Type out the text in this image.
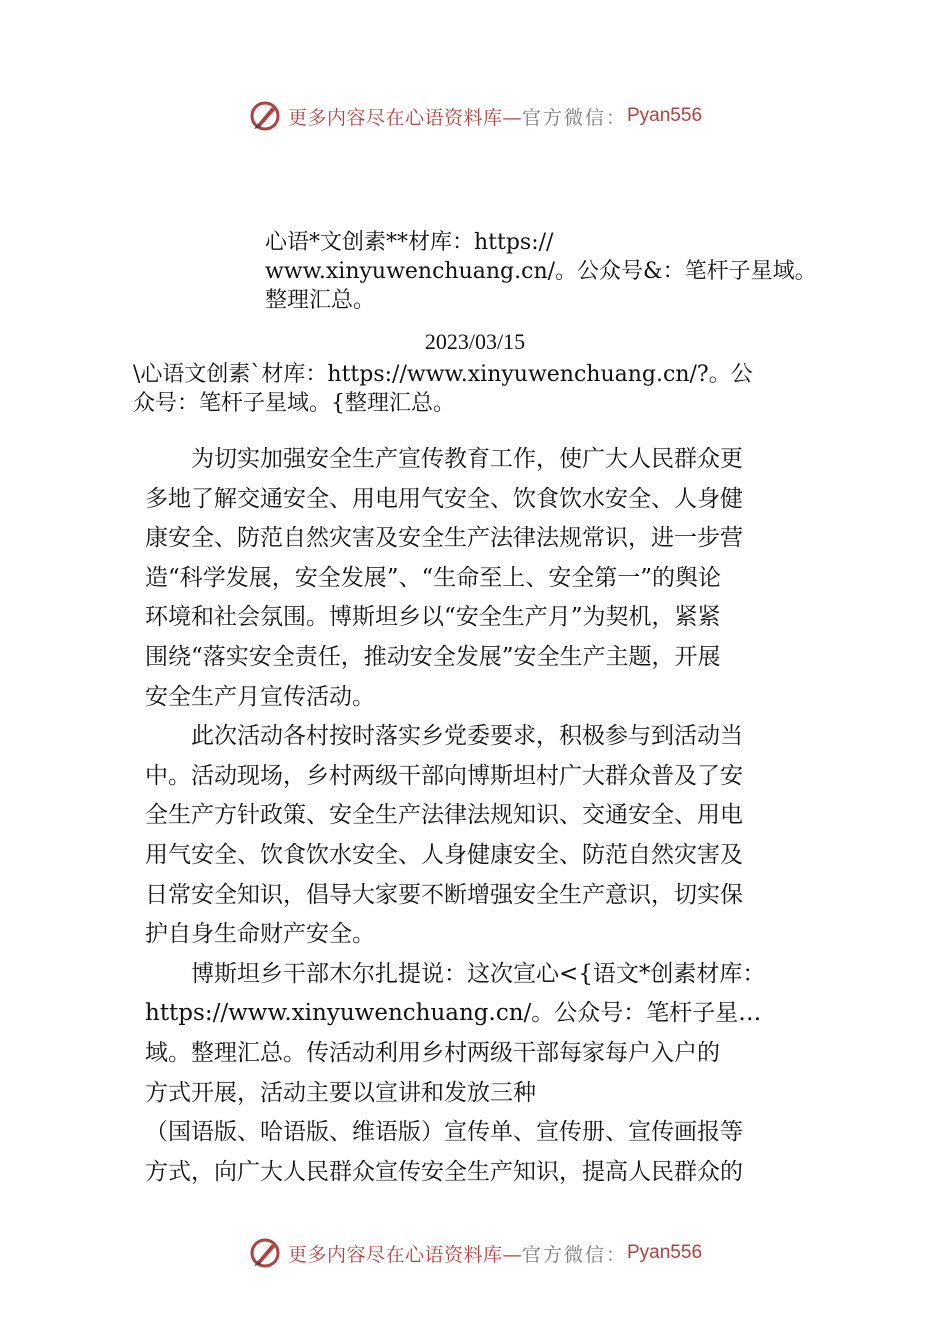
更多内容尽在心语资料库— 官方微信： Pyan556
心语*文创素**材库：https://
www.xinyuwenchuang.cn/。公众号&：笔杆子星域。
整理汇总。
2023/03/15
\心语文创素`材库：https://www.xinyuwenchuang.cn/?。公
众号：笔杆子星域。{整理汇总。
为切实加强安全生产宣传教育工作，使广大人民群众更
多地了解交通安全、用电用气安全、饮食饮水安全、人身健
康安全、防范自然灾害及安全生产法律法规常识，进一步营
造“科学发展，安全发展”、“生命至上、安全第一”的舆论
环境和社会氛围。博斯坦乡以“安全生产月”为契机，紧紧
围绕“落实安全责任，推动安全发展”安全生产主题，开展
安全生产月宣传活动。
此次活动各村按时落实乡党委要求，积极参与到活动当
中。活动现场，乡村两级干部向博斯坦村广大群众普及了安
全生产方针政策、安全生产法律法规知识、交通安全、用电
用气安全、饮食饮水安全、人身健康安全、防范自然灾害及
日常安全知识，倡导大家要不断增强安全生产意识，切实保
护自身生命财产安全。
博斯坦乡干部木尔扎提说：这次宣心<{语文*创素材库：
https://www.xinyuwenchuang.cn/。公众号：笔杆子星…
域。整理汇总。传活动利用乡村两级干部每家每户入户的
方式开展，活动主要以宣讲和发放三种
（国语版、哈语版、维语版）宣传单、宣传册、宣传画报等
方式，向广大人民群众宣传安全生产知识，提高人民群众的
更多内容尽在心语资料库— 官方微信： Pyan556
